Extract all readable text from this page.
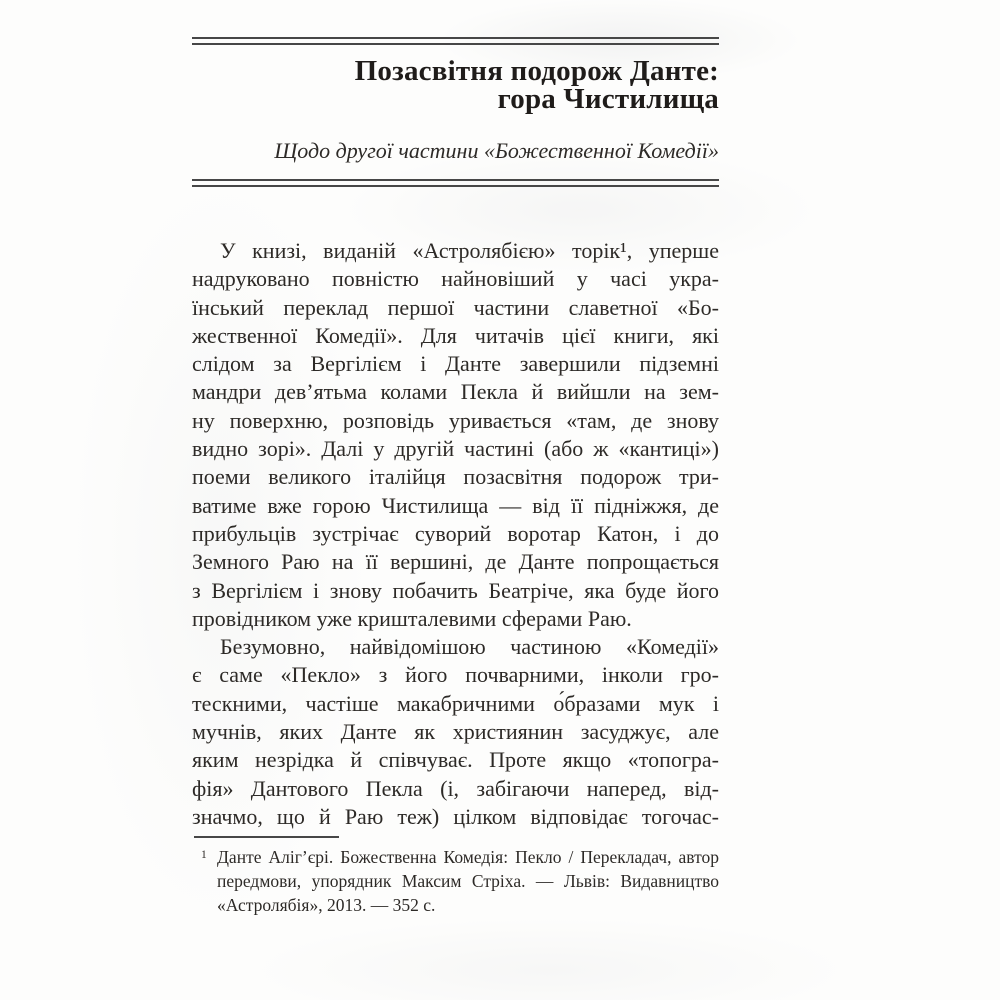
Позасвітня подорож Данте:
гора Чистилища
Щодо другої частини «Божественної Комедії»
У книзі, виданій «Астролябією» торік¹, уперше
надруковано повністю найновіший у часі укра-
їнський переклад першої частини славетної «Бо-
жественної Комедії». Для читачів цієї книги, які
слідом за Вергілієм і Данте завершили підземні
мандри дев’ятьма колами Пекла й вийшли на зем-
ну поверхню, розповідь уривається «там, де знову
видно зорі». Далі у другій частині (або ж «кантиці»)
поеми великого італійця позасвітня подорож три-
ватиме вже горою Чистилища — від її підніжжя, де
прибульців зустрічає суворий воротар Катон, і до
Земного Раю на її вершині, де Данте попрощається
з Вергілієм і знову побачить Беатріче, яка буде його
провідником уже кришталевими сферами Раю.
Безумовно, найвідомішою частиною «Комедії»
є саме «Пекло» з його почварними, інколи гро-
тескними, частіше макабричними о́бразами мук і
мучнів, яких Данте як християнин засуджує, але
яким незрідка й співчуває. Проте якщо «топогра-
фія» Дантового Пекла (і, забігаючи наперед, від-
значмо, що й Раю теж) цілком відповідає тогочас-
1 Данте Аліг’єрі. Божественна Комедія: Пекло / Перекладач, автор
передмови, упорядник Максим Стріха. — Львів: Видавництво
«Астролябія», 2013. — 352 с.
